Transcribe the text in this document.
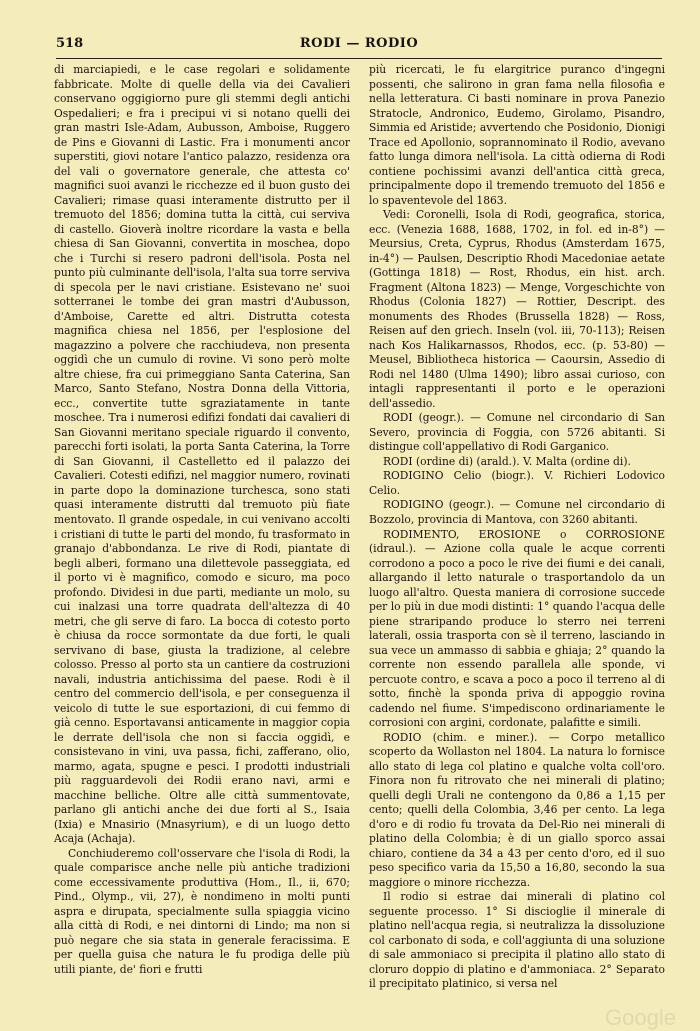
518	RODI — RODIO

di marciapiedi, e le case regolari e solidamente fabbricate. Molte di quelle della via dei Cavalieri conservano oggigiorno pure gli stemmi degli antichi Ospedalieri; e fra i precipui vi si notano quelli dei gran mastri Isle-Adam, Aubusson, Amboise, Ruggero de Pins e Giovanni di Lastic. Fra i monumenti ancor superstiti, giovi notare l'antico palazzo, residenza ora del vali o governatore generale, che attesta co' magnifici suoi avanzi le ricchezze ed il buon gusto dei Cavalieri; rimase quasi interamente distrutto per il tremuoto del 1856; domina tutta la città, cui serviva di castello. Gioverà inoltre ricordare la vasta e bella chiesa di San Giovanni, convertita in moschea, dopo che i Turchi si resero padroni dell'isola. Posta nel punto più culminante dell'isola, l'alta sua torre serviva di specola per le navi cristiane. Esistevano ne' suoi sotterranei le tombe dei gran mastri d'Aubusson, d'Amboise, Carette ed altri. Distrutta cotesta magnifica chiesa nel 1856, per l'esplosione del magazzino a polvere che racchiudeva, non presenta oggidì che un cumulo di rovine. Vi sono però molte altre chiese, fra cui primeggiano Santa Caterina, San Marco, Santo Stefano, Nostra Donna della Vittoria, ecc., convertite tutte sgraziatamente in tante moschee. Tra i numerosi edifizi fondati dai cavalieri di San Giovanni meritano speciale riguardo il convento, parecchi forti isolati, la porta Santa Caterina, la Torre di San Giovanni, il Castelletto ed il palazzo dei Cavalieri. Cotesti edifizi, nel maggior numero, rovinati in parte dopo la dominazione turchesca, sono stati quasi interamente distrutti dal tremuoto più fiate mentovato. Il grande ospedale, in cui venivano accolti i cristiani di tutte le parti del mondo, fu trasformato in granajo d'abbondanza. Le rive di Rodi, piantate di begli alberi, formano una dilettevole passeggiata, ed il porto vi è magnifico, comodo e sicuro, ma poco profondo. Dividesi in due parti, mediante un molo, su cui inalzasi una torre quadrata dell'altezza di 40 metri, che gli serve di faro. La bocca di cotesto porto è chiusa da rocce sormontate da due forti, le quali servivano di base, giusta la tradizione, al celebre colosso. Presso al porto sta un cantiere da costruzioni navali, industria antichissima del paese. Rodi è il centro del commercio dell'isola, e per conseguenza il veicolo di tutte le sue esportazioni, di cui femmo di già cenno. Esportavansi anticamente in maggior copia le derrate dell'isola che non si faccia oggidì, e consistevano in vini, uva passa, fichi, zafferano, olio, marmo, agata, spugne e pesci. I prodotti industriali più ragguardevoli dei Rodii erano navi, armi e macchine belliche. Oltre alle città summentovate, parlano gli antichi anche dei due forti al S., Isaia (Ixia) e Mnasirio (Mnasyrium), e di un luogo detto Acaja (Achaja).

Conchiuderemo coll'osservare che l'isola di Rodi, la quale comparisce anche nelle più antiche tradizioni come eccessivamente produttiva (Hom., Il., ii, 670; Pind., Olymp., vii, 27), è nondimeno in molti punti aspra e dirupata, specialmente sulla spiaggia vicino alla città di Rodi, e nei dintorni di Lindo; ma non si può negare che sia stata in generale feracissima. E per quella guisa che natura le fu prodiga delle più utili piante, de' fiori e frutti

più ricercati, le fu elargitrice puranco d'ingegni possenti, che salirono in gran fama nella filosofia e nella letteratura. Ci basti nominare in prova Panezio Stratocle, Andronico, Eudemo, Girolamo, Pisandro, Simmia ed Aristide; avvertendo che Posidonio, Dionigi Trace ed Apollonio, soprannominato il Rodio, avevano fatto lunga dimora nell'isola. La città odierna di Rodi contiene pochissimi avanzi dell'antica città greca, principalmente dopo il tremendo tremuoto del 1856 e lo spaventevole del 1863.

Vedi: Coronelli, Isola di Rodi, geografica, storica, ecc. (Venezia 1688, 1688, 1702, in fol. ed in-8°) — Meursius, Creta, Cyprus, Rhodus (Amsterdam 1675, in-4°) — Paulsen, Descriptio Rhodi Macedoniae aetate (Gottinga 1818) — Rost, Rhodus, ein hist. arch. Fragment (Altona 1823) — Menge, Vorgeschichte von Rhodus (Colonia 1827) — Rottier, Descript. des monuments des Rhodes (Brussella 1828) — Ross, Reisen auf den griech. Inseln (vol. iii, 70-113); Reisen nach Kos Halikarnassos, Rhodos, ecc. (p. 53-80) — Meusel, Bibliotheca historica — Caoursin, Assedio di Rodi nel 1480 (Ulma 1490); libro assai curioso, con intagli rappresentanti il porto e le operazioni dell'assedio.

RODI (geogr.). — Comune nel circondario di San Severo, provincia di Foggia, con 5726 abitanti. Si distingue coll'appellativo di Rodi Garganico.

RODI (ordine di) (arald.). V. Malta (ordine di).

RODIGINO Celio (biogr.). V. Richieri Lodovico Celio.

RODIGINO (geogr.). — Comune nel circondario di Bozzolo, provincia di Mantova, con 3260 abitanti.

RODIMENTO, EROSIONE o CORROSIONE (idraul.). — Azione colla quale le acque correnti corrodono a poco a poco le rive dei fiumi e dei canali, allargando il letto naturale o trasportandolo da un luogo all'altro. Questa maniera di corrosione succede per lo più in due modi distinti: 1° quando l'acqua delle piene straripando produce lo sterro nei terreni laterali, ossia trasporta con sè il terreno, lasciando in sua vece un ammasso di sabbia e ghiaja; 2° quando la corrente non essendo parallela alle sponde, vi percuote contro, e scava a poco a poco il terreno al di sotto, finchè la sponda priva di appoggio rovina cadendo nel fiume. S'impediscono ordinariamente le corrosioni con argini, cordonate, palafitte e simili.

RODIO (chim. e miner.). — Corpo metallico scoperto da Wollaston nel 1804. La natura lo fornisce allo stato di lega col platino e qualche volta coll'oro. Finora non fu ritrovato che nei minerali di platino; quelli degli Urali ne contengono da 0,86 a 1,15 per cento; quelli della Colombia, 3,46 per cento. La lega d'oro e di rodio fu trovata da Del-Rio nei minerali di platino della Colombia; è di un giallo sporco assai chiaro, contiene da 34 a 43 per cento d'oro, ed il suo peso specifico varia da 15,50 a 16,80, secondo la sua maggiore o minore ricchezza.

Il rodio si estrae dai minerali di platino col seguente processo. 1° Si discioglie il minerale di platino nell'acqua regia, si neutralizza la dissoluzione col carbonato di soda, e coll'aggiunta di una soluzione di sale ammoniaco si precipita il platino allo stato di cloruro doppio di platino e d'ammoniaca. 2° Separato il precipitato platinico, si versa nel

Google
